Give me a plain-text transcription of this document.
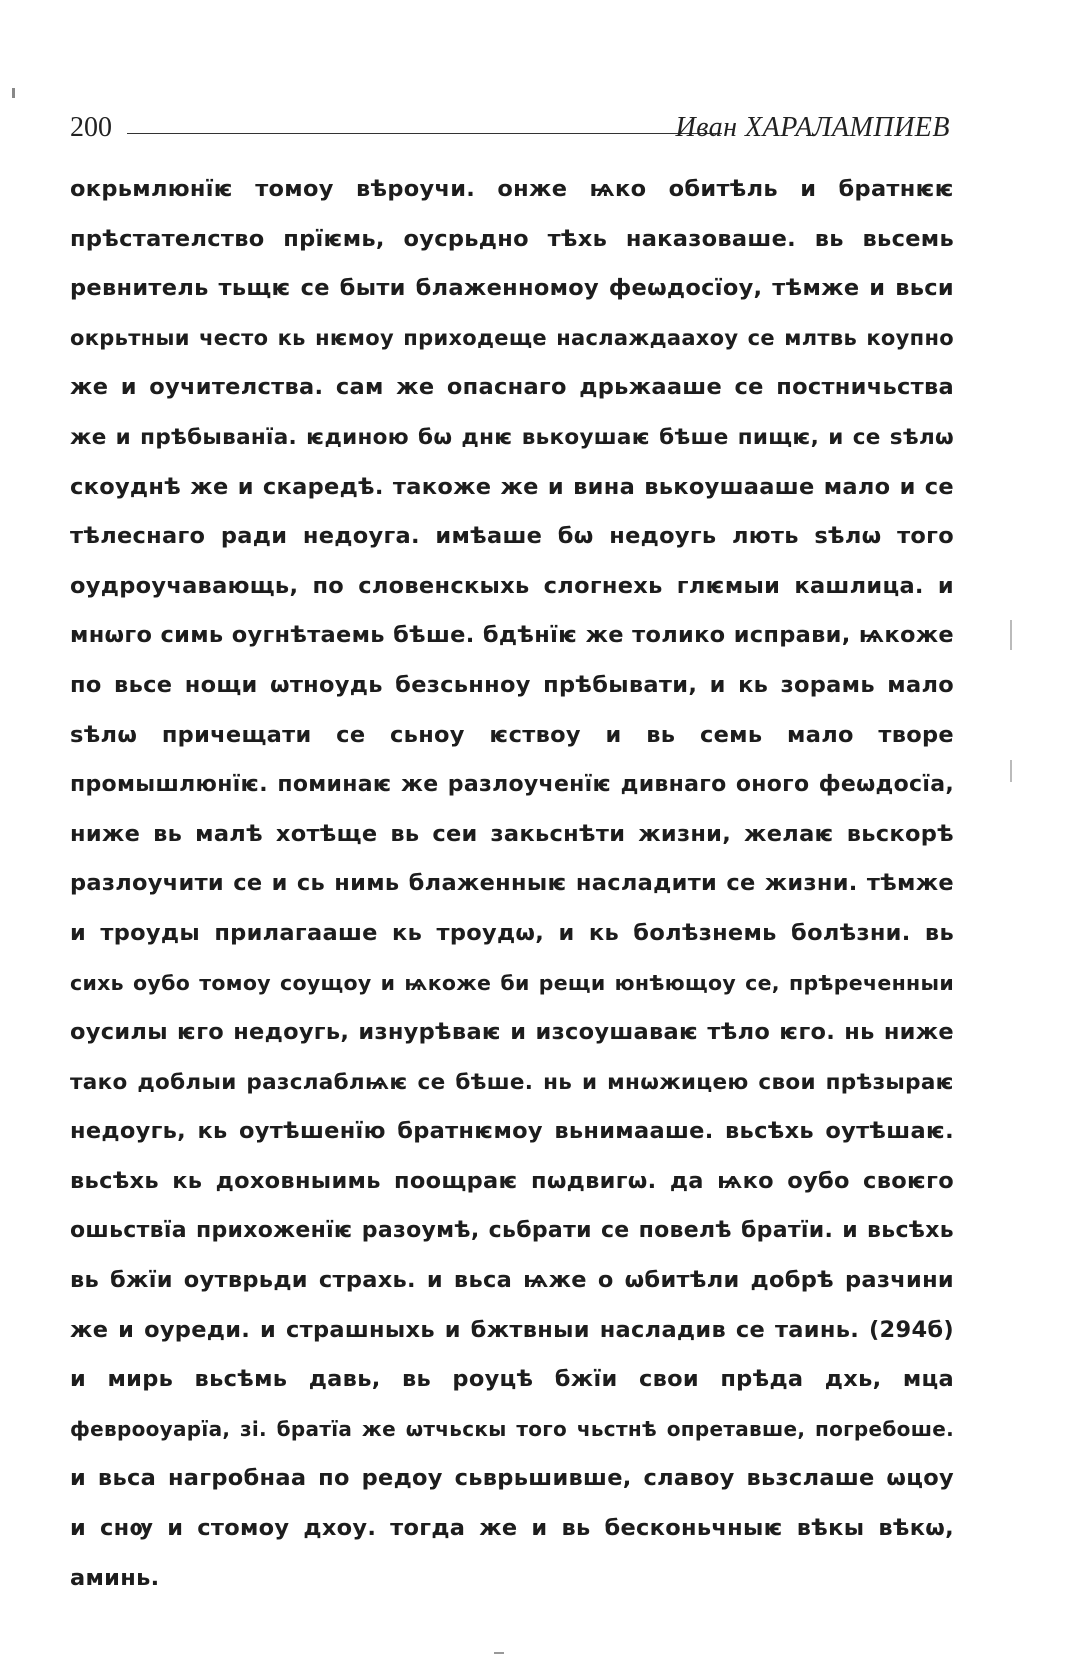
200	Иван ХАРАЛАМПИЕВ
окрьмлюнїѥ томоу вѣроучи. онже ѩко обитѣль и братнѥѥ
прѣстателство прїѥмь, оусрьдно тѣхь наказоваше. вь вьсемь
ревнитель тьщѥ се быти блаженномоу феѡдосїоу, тѣмже и вьси
окрьтныи често кь нѥмоу приходеще наслаждаахоу се млтвь коупно
же и оучителства. сам же опаснаго дрьжааше се постничьства
же и прѣбыванїа. ѥдиною бѡ днѥ вькоушаѥ бѣше пищѥ, и се ѕѣлѡ
скоуднѣ же и скаредѣ. такоже же и вина вькоушааше мало и се
тѣлеснаго ради недоуга. имѣаше бѡ недоугь лють ѕѣлѡ того
оудроучавающь, по словенскыхь слогнехь глѥмыи кашлица. и
мнѡго симь оугнѣтаемь бѣше. бдѣнїѥ же толико исправи, ѩкоже
по вьсе нощи ѡтноудь безсьнноу прѣбывати, и кь зорамь мало
ѕѣлѡ причещати се сьноу ѥствоу и вь семь мало творе
промышлюнїѥ. поминаѥ же разлоученїѥ дивнаго оного феѡдосїа,
ниже вь малѣ хотѣще вь сеи закьснѣти жизни, желаѥ вьскорѣ
разлоучити се и сь нимь блаженныѥ насладити се жизни. тѣмже
и троуды прилагааше кь троудѡ, и кь болѣзнемь болѣзни. вь
сихь оубо томоу соущоу и ѩкоже би рещи юнѣющоу се, прѣреченныи
оусилы ѥго недоугь, изнурѣваѥ и изсоушаваѥ тѣло ѥго. нь ниже
тако доблыи разслаблѩѥ се бѣше. нь и мнѡжицею свои прѣзыраѥ
недоугь, кь оутѣшенїю братнѥмоу вьнимааше. вьсѣхь оутѣшаѥ.
вьсѣхь кь доховныимь поощраѥ пѡдвигѡ. да ѩко оубо своѥго
ошьствїа прихоженїѥ разоумѣ, сьбрати се повелѣ братїи. и вьсѣхь
вь бжїи оутврьди страхь. и вьса ѩже о ѡбитѣли добрѣ разчини
же и оуреди. и страшныхь и бжтвныи насладив се таинь. (294б)
и мирь вьсѣмь давь, вь роуцѣ бжїи свои прѣда дхь, мца
феврооуарїа, зі. братїа же ѡтчьскы того чьстнѣ опретавше, погребоше.
и вьса нагробнаа по редоу сьврьшивше, славоу вьзслаше ѡцоу
и снѹ и стомоу дхоу. тогда же и вь бесконьчныѥ вѣкы вѣкѡ,
аминь.
